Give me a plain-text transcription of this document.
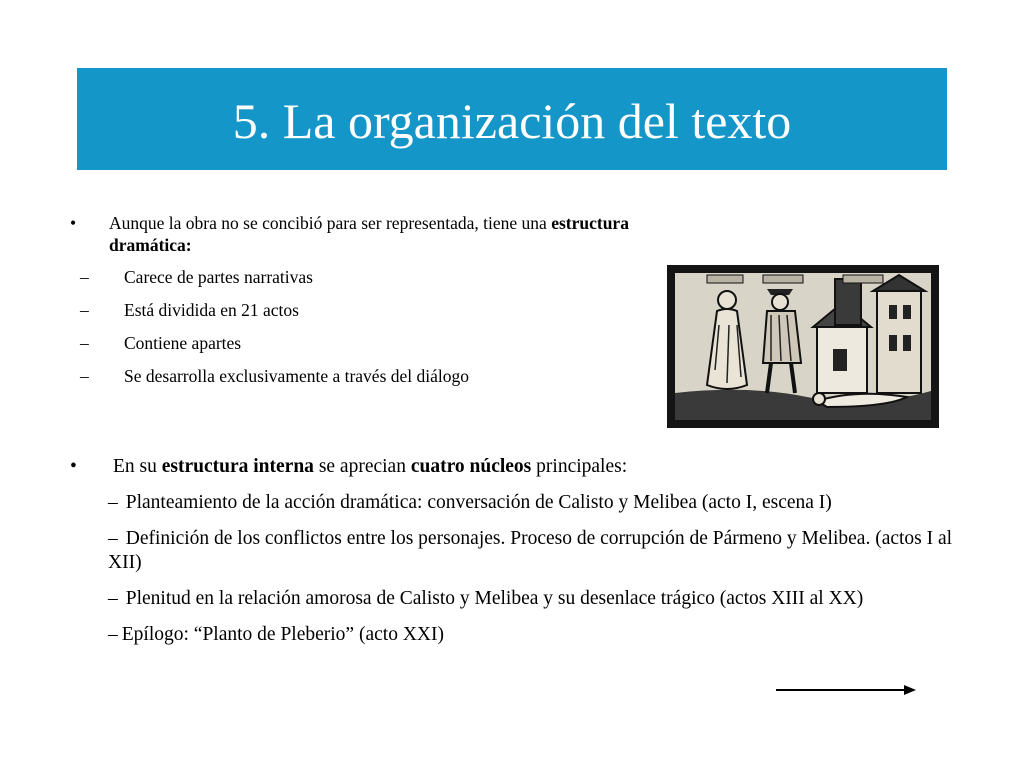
5. La organización del texto
•	Aunque la obra no se concibió para ser representada, tiene una estructura dramática:
–	Carece de partes narrativas
–	Está dividida en 21 actos
–	Contiene apartes
–	Se desarrolla exclusivamente a través del diálogo
•	En su estructura interna se aprecian cuatro núcleos principales:
– Planteamiento de la acción dramática: conversación de Calisto y Melibea (acto I, escena I)
– Definición de los conflictos entre los personajes. Proceso de corrupción de Pármeno y Melibea. (actos I al XII)
– Plenitud en la relación amorosa de Calisto y Melibea y su desenlace trágico (actos XIII al XX)
– Epílogo: “Planto de Pleberio” (acto XXI)
